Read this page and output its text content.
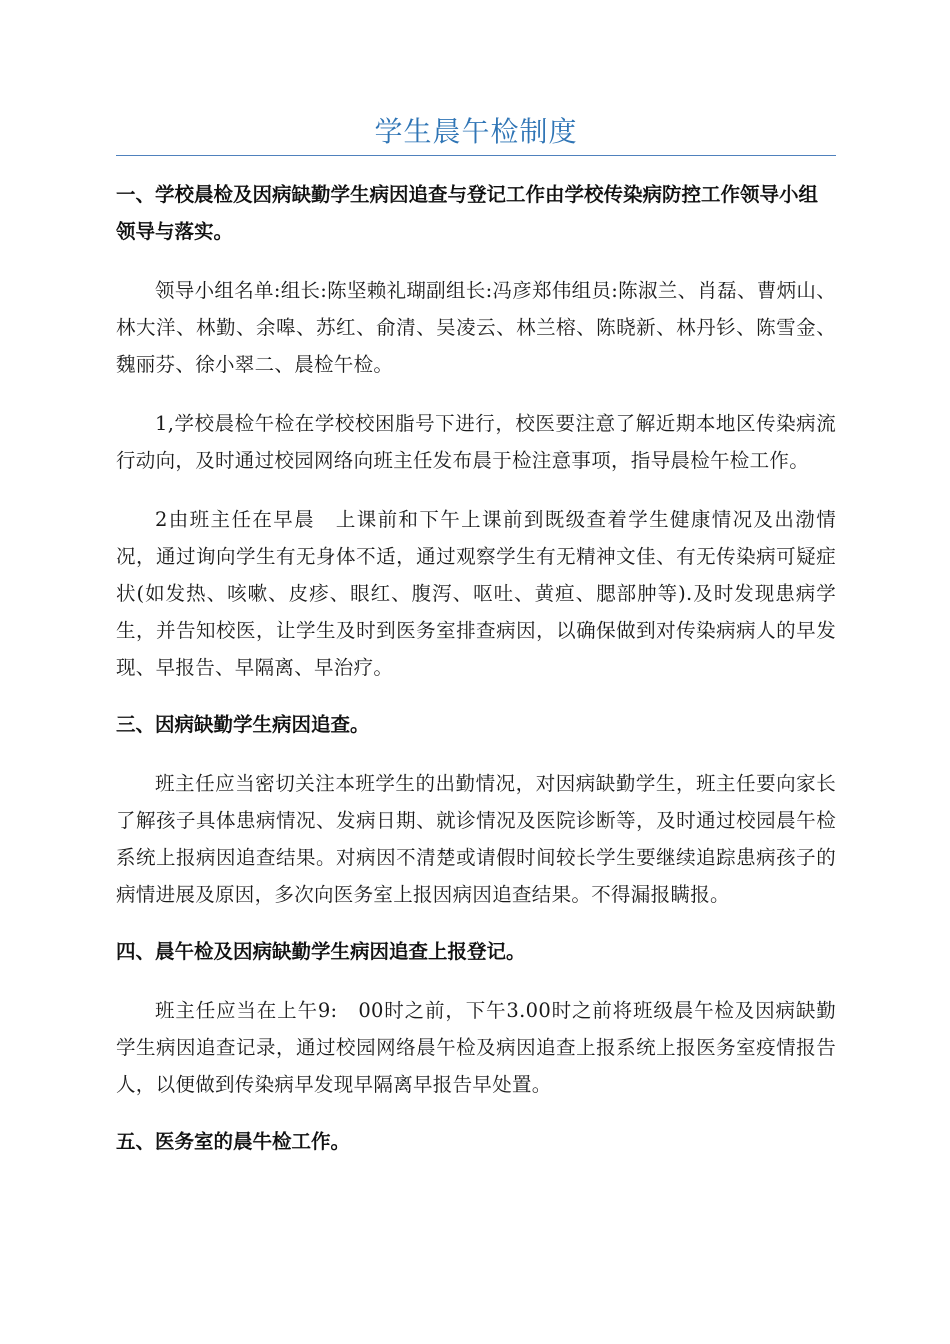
学生晨午检制度

一、学校晨检及因病缺勤学生病因追查与登记工作由学校传染病防控工作领导小组领导与落实。

领导小组名单:组长:陈坚赖礼瑚副组长:冯彦郑伟组员:陈淑兰、肖磊、曹炳山、林大洋、林勤、余嗥、苏红、俞清、吴凌云、林兰榕、陈晓新、林丹钐、陈雪金、魏丽芬、徐小翠二、晨检午检。

1,学校晨检午检在学校校困脂号下进行，校医要注意了解近期本地区传染病流行动向，及时通过校园网络向班主任发布晨于检注意事项，指导晨检午检工作。

2由班主任在早晨　上课前和下午上课前到既级查着学生健康情况及出渤情况，通过询向学生有无身体不适，通过观察学生有无精神文佳、有无传染病可疑症状(如发热、咳嗽、皮疹、眼红、腹泻、呕吐、黄疸、腮部肿等).及时发现患病学生，并告知校医，让学生及时到医务室排查病因，以确保做到对传染病病人的早发现、早报告、早隔离、早治疗。

三、因病缺勤学生病因追查。

班主任应当密切关注本班学生的出勤情况，对因病缺勤学生，班主任要向家长了解孩子具体患病情况、发病日期、就诊情况及医院诊断等，及时通过校园晨午检系统上报病因追查结果。对病因不清楚或请假时间较长学生要继续追踪患病孩子的病情进展及原因，多次向医务室上报因病因追查结果。不得漏报瞒报。

四、晨午检及因病缺勤学生病因追查上报登记。

班主任应当在上午9:　00时之前，下午3.00时之前将班级晨午检及因病缺勤学生病因追查记录，通过校园网络晨午检及病因追查上报系统上报医务室疫情报告人，以便做到传染病早发现早隔离早报告早处置。

五、医务室的晨牛检工作。
